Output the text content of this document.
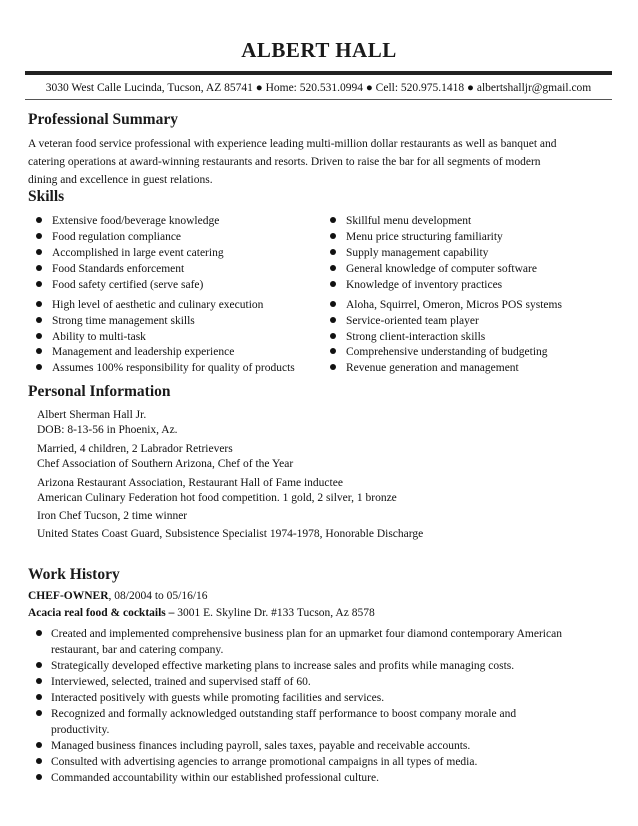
ALBERT HALL
3030 West Calle Lucinda, Tucson, AZ 85741 ● Home: 520.531.0994 ● Cell: 520.975.1418 ● albertshalljr@gmail.com
Professional Summary
A veteran food service professional with experience leading multi-million dollar restaurants as well as banquet and
catering operations at award-winning restaurants and resorts. Driven to raise the bar for all segments of modern
dining and excellence in guest relations.
Skills
Extensive food/beverage knowledge
Food regulation compliance
Accomplished in large event catering
Food Standards enforcement
Food safety certified (serve safe)
High level of aesthetic and culinary execution
Strong time management skills
Ability to multi-task
Management and leadership experience
Assumes 100% responsibility for quality of products
Skillful menu development
Menu price structuring familiarity
Supply management capability
General knowledge of computer software
Knowledge of inventory practices
Aloha, Squirrel, Omeron, Micros POS systems
Service-oriented team player
Strong client-interaction skills
Comprehensive understanding of budgeting
Revenue generation and management
Personal Information
Albert Sherman Hall Jr.
DOB: 8-13-56 in Phoenix, Az.
Married, 4 children, 2 Labrador Retrievers
Chef Association of Southern Arizona, Chef of the Year
Arizona Restaurant Association, Restaurant Hall of Fame inductee
American Culinary Federation hot food competition. 1 gold, 2 silver, 1 bronze
Iron Chef Tucson, 2 time winner
United States Coast Guard, Subsistence Specialist 1974-1978, Honorable Discharge
Work History
CHEF-OWNER, 08/2004 to 05/16/16
Acacia real food & cocktails – 3001 E. Skyline Dr. #133 Tucson, Az 8578
Created and implemented comprehensive business plan for an upmarket four diamond contemporary American
restaurant, bar and catering company.
Strategically developed effective marketing plans to increase sales and profits while managing costs.
Interviewed, selected, trained and supervised staff of 60.
Interacted positively with guests while promoting facilities and services.
Recognized and formally acknowledged outstanding staff performance to boost company morale and
productivity.
Managed business finances including payroll, sales taxes, payable and receivable accounts.
Consulted with advertising agencies to arrange promotional campaigns in all types of media.
Commanded accountability within our established professional culture.
